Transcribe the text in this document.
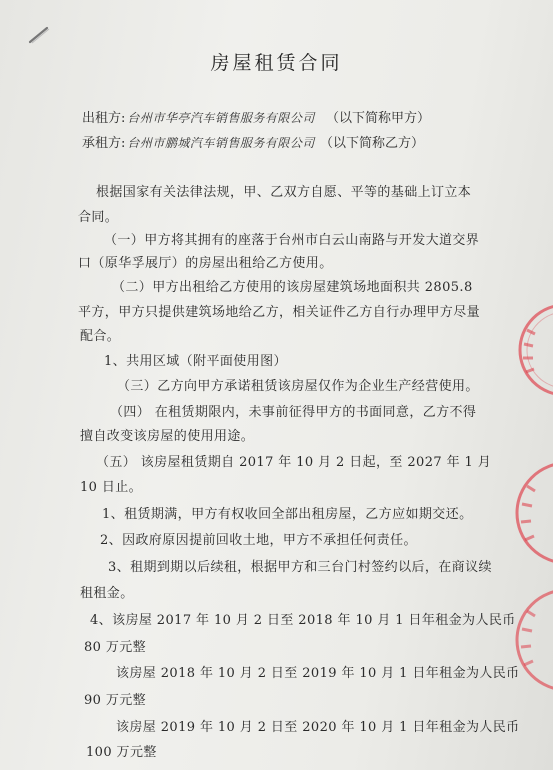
房屋租赁合同
出租方: 台州市华亭汽车销售服务有限公司 （以下简称甲方）
承租方: 台州市鹏城汽车销售服务有限公司 （以下简称乙方）
根据国家有关法律法规，甲、乙双方自愿、平等的基础上订立本
合同。
（一）甲方将其拥有的座落于台州市白云山南路与开发大道交界
口（原华孚展厅）的房屋出租给乙方使用。
（二）甲方出租给乙方使用的该房屋建筑场地面积共 2805.8
平方，甲方只提供建筑场地给乙方，相关证件乙方自行办理甲方尽量
配合。
1、共用区域（附平面使用图）
（三）乙方向甲方承诺租赁该房屋仅作为企业生产经营使用。
（四） 在租赁期限内，未事前征得甲方的书面同意，乙方不得
擅自改变该房屋的使用用途。
（五） 该房屋租赁期自 2017 年 10 月 2 日起，至 2027 年 1 月
10 日止。
1、租赁期满，甲方有权收回全部出租房屋，乙方应如期交还。
2、因政府原因提前回收土地，甲方不承担任何责任。
3、租期到期以后续租，根据甲方和三台门村签约以后，在商议续
租租金。
4、该房屋 2017 年 10 月 2 日至 2018 年 10 月 1 日年租金为人民币
80 万元整
该房屋 2018 年 10 月 2 日至 2019 年 10 月 1 日年租金为人民币
90 万元整
该房屋 2019 年 10 月 2 日至 2020 年 10 月 1 日年租金为人民币
100 万元整
